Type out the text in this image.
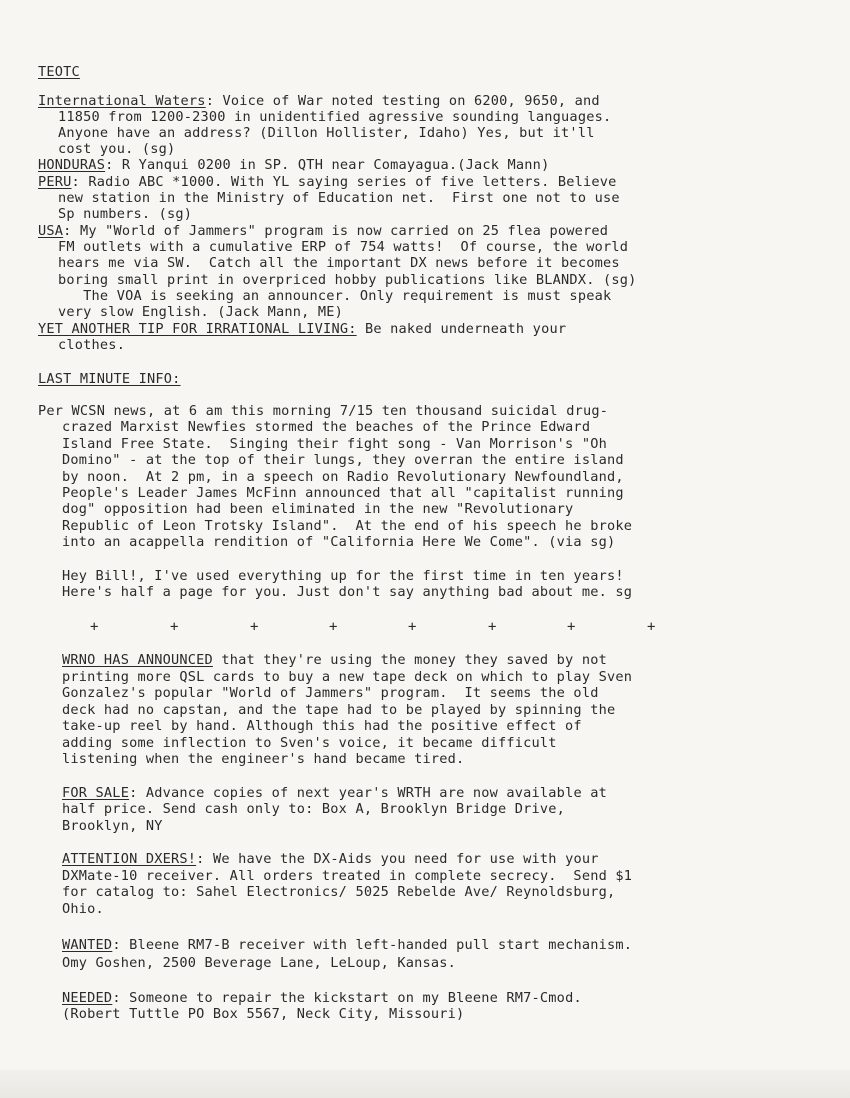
TEOTC
International Waters: Voice of War noted testing on 6200, 9650, and
11850 from 1200-2300 in unidentified agressive sounding languages.
Anyone have an address? (Dillon Hollister, Idaho) Yes, but it'll
cost you. (sg)
HONDURAS: R Yanqui 0200 in SP. QTH near Comayagua.(Jack Mann)
PERU: Radio ABC *1000. With YL saying series of five letters. Believe
new station in the Ministry of Education net.  First one not to use
Sp numbers. (sg)
USA: My "World of Jammers" program is now carried on 25 flea powered
FM outlets with a cumulative ERP of 754 watts!  Of course, the world
hears me via SW.  Catch all the important DX news before it becomes
boring small print in overpriced hobby publications like BLANDX. (sg)
The VOA is seeking an announcer. Only requirement is must speak
very slow English. (Jack Mann, ME)
YET ANOTHER TIP FOR IRRATIONAL LIVING: Be naked underneath your
clothes.
LAST MINUTE INFO:
Per WCSN news, at 6 am this morning 7/15 ten thousand suicidal drug-
crazed Marxist Newfies stormed the beaches of the Prince Edward
Island Free State.  Singing their fight song - Van Morrison's "Oh
Domino" - at the top of their lungs, they overran the entire island
by noon.  At 2 pm, in a speech on Radio Revolutionary Newfoundland,
People's Leader James McFinn announced that all "capitalist running
dog" opposition had been eliminated in the new "Revolutionary
Republic of Leon Trotsky Island".  At the end of his speech he broke
into an acappella rendition of "California Here We Come". (via sg)
Hey Bill!, I've used everything up for the first time in ten years!
Here's half a page for you. Just don't say anything bad about me. sg
+	+	+	+	+	+	+	+
WRNO HAS ANNOUNCED that they're using the money they saved by not
printing more QSL cards to buy a new tape deck on which to play Sven
Gonzalez's popular "World of Jammers" program.  It seems the old
deck had no capstan, and the tape had to be played by spinning the
take-up reel by hand. Although this had the positive effect of
adding some inflection to Sven's voice, it became difficult
listening when the engineer's hand became tired.
FOR SALE: Advance copies of next year's WRTH are now available at
half price. Send cash only to: Box A, Brooklyn Bridge Drive,
Brooklyn, NY
ATTENTION DXERS!: We have the DX-Aids you need for use with your
DXMate-10 receiver. All orders treated in complete secrecy.  Send $1
for catalog to: Sahel Electronics/ 5025 Rebelde Ave/ Reynoldsburg,
Ohio.
WANTED: Bleene RM7-B receiver with left-handed pull start mechanism.
Omy Goshen, 2500 Beverage Lane, LeLoup, Kansas.
NEEDED: Someone to repair the kickstart on my Bleene RM7-Cmod.
(Robert Tuttle PO Box 5567, Neck City, Missouri)
